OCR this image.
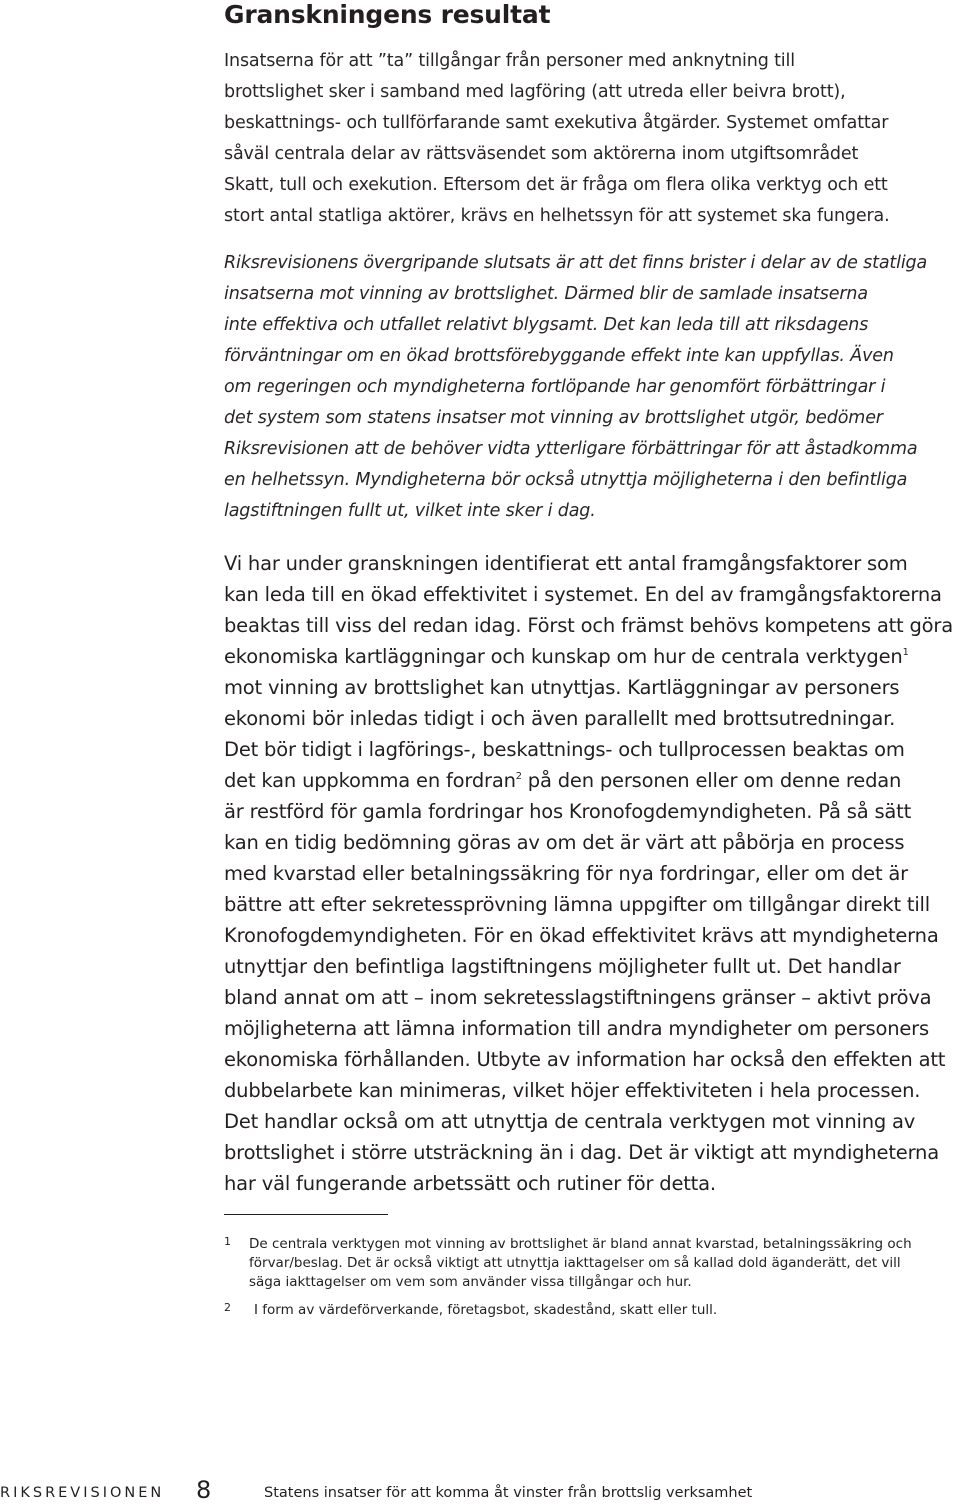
Granskningens resultat
Insatserna för att ”ta” tillgångar från personer med anknytning till
brottslighet sker i samband med lagföring (att utreda eller beivra brott),
beskattnings- och tullförfarande samt exekutiva åtgärder. Systemet omfattar
såväl centrala delar av rättsväsendet som aktörerna inom utgiftsområdet
Skatt, tull och exekution. Eftersom det är fråga om flera olika verktyg och ett
stort antal statliga aktörer, krävs en helhetssyn för att systemet ska fungera.
Riksrevisionens övergripande slutsats är att det finns brister i delar av de statliga
insatserna mot vinning av brottslighet. Därmed blir de samlade insatserna
inte effektiva och utfallet relativt blygsamt. Det kan leda till att riksdagens
förväntningar om en ökad brottsförebyggande effekt inte kan uppfyllas. Även
om regeringen och myndigheterna fortlöpande har genomfört förbättringar i
det system som statens insatser mot vinning av brottslighet utgör, bedömer
Riksrevisionen att de behöver vidta ytterligare förbättringar för att åstadkomma
en helhetssyn. Myndigheterna bör också utnyttja möjligheterna i den befintliga
lagstiftningen fullt ut, vilket inte sker i dag.
Vi har under granskningen identifierat ett antal framgångsfaktorer som
kan leda till en ökad effektivitet i systemet. En del av framgångsfaktorerna
beaktas till viss del redan idag. Först och främst behövs kompetens att göra
ekonomiska kartläggningar och kunskap om hur de centrala verktygen$^1$
mot vinning av brottslighet kan utnyttjas. Kartläggningar av personers
ekonomi bör inledas tidigt i och även parallellt med brottsutredningar.
Det bör tidigt i lagförings-, beskattnings- och tullprocessen beaktas om
det kan uppkomma en fordran$^2$ på den personen eller om denne redan
är restförd för gamla fordringar hos Kronofogdemyndigheten. På så sätt
kan en tidig bedömning göras av om det är värt att påbörja en process
med kvarstad eller betalningssäkring för nya fordringar, eller om det är
bättre att efter sekretessprövning lämna uppgifter om tillgångar direkt till
Kronofogdemyndigheten. För en ökad effektivitet krävs att myndigheterna
utnyttjar den befintliga lagstiftningens möjligheter fullt ut. Det handlar
bland annat om att – inom sekretesslagstiftningens gränser – aktivt pröva
möjligheterna att lämna information till andra myndigheter om personers
ekonomiska förhållanden. Utbyte av information har också den effekten att
dubbelarbete kan minimeras, vilket höjer effektiviteten i hela processen.
Det handlar också om att utnyttja de centrala verktygen mot vinning av
brottslighet i större utsträckning än i dag. Det är viktigt att myndigheterna
har väl fungerande arbetssätt och rutiner för detta.
1 De centrala verktygen mot vinning av brottslighet är bland annat kvarstad, betalningssäkring och
förvar/beslag. Det är också viktigt att utnyttja iakttagelser om så kallad dold äganderätt, det vill
säga iakttagelser om vem som använder vissa tillgångar och hur.
2 I form av värdeförverkande, företagsbot, skadestånd, skatt eller tull.
RIKSREVISIONEN 8	Statens insatser för att komma åt vinster från brottslig verksamhet
